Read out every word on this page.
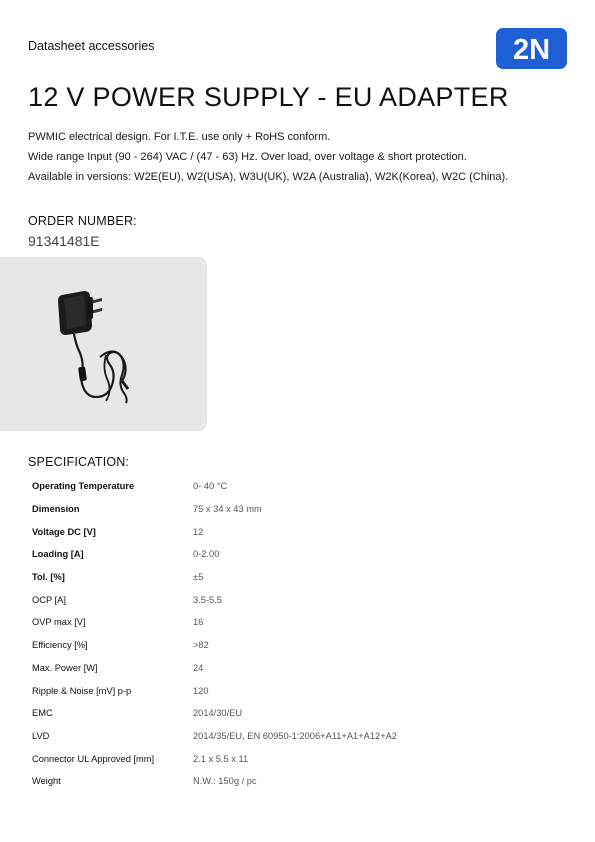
Datasheet accessories	2N
12 V POWER SUPPLY - EU ADAPTER

PWMIC electrical design. For I.T.E. use only + RoHS conform.

Wide range Input (90 - 264) VAC / (47 - 63) Hz. Over load, over voltage & short protection.

Available in versions: W2E(EU), W2(USA), W3U(UK), W2A (Australia), W2K(Korea), W2C (China).

ORDER NUMBER:
91341481E
SPECIFICATION:
Operating Temperature	0- 40 °C
Dimension	75 x 34 x 43 mm
Voltage DC [V]	12
Loading [A]	0-2.00
Tol. [%]	±5
OCP [A]	3.5-5.5
OVP max [V]	16
Efficiency [%]	>82
Max. Power [W]	24
Ripple & Noise [mV] p-p	120
EMC	2014/30/EU
LVD	2014/35/EU, EN 60950-1:2006+A11+A1+A12+A2
Connector UL Approved [mm]	2.1 x 5.5 x 11
Weight	N.W.: 150g / pc
